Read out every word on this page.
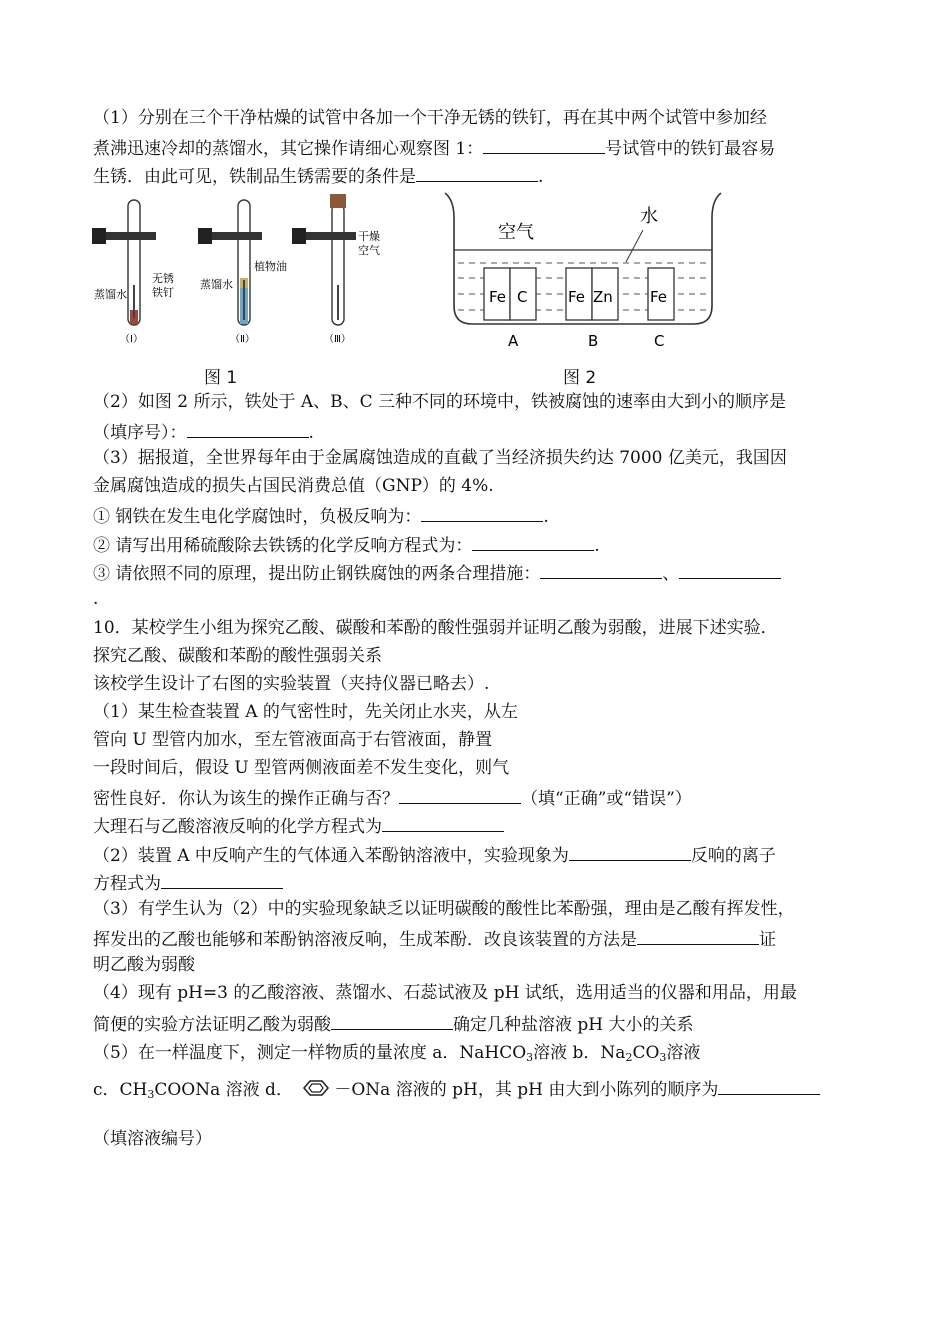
（1）分别在三个干净枯燥的试管中各加一个干净无锈的铁钉，再在其中两个试管中参加经
煮沸迅速冷却的蒸馏水，其它操作请细心观察图 1：	号试管中的铁钉最容易
生锈．由此可见，铁制品生锈需要的条件是	.
蒸馏水
无锈
铁钉
（Ⅰ）
蒸馏水
植物油
（Ⅱ）
干燥
空气
（Ⅲ）
图 1
空气
水
Fe C	Fe Zn Fe
A	B	C
图 2
（2）如图 2 所示，铁处于 A、B、C 三种不同的环境中，铁被腐蚀的速率由大到小的顺序是
（填序号）：	.
（3）据报道，全世界每年由于金属腐蚀造成的直截了当经济损失约达 7000 亿美元，我国因
金属腐蚀造成的损失占国民消费总值（GNP）的 4%.
① 钢铁在发生电化学腐蚀时，负极反响为：	.
② 请写出用稀硫酸除去铁锈的化学反响方程式为：	.
③ 请依照不同的原理，提出防止钢铁腐蚀的两条合理措施：	、
.
10．某校学生小组为探究乙酸、碳酸和苯酚的酸性强弱并证明乙酸为弱酸，进展下述实验．
探究乙酸、碳酸和苯酚的酸性强弱关系
该校学生设计了右图的实验装置（夹持仪器已略去）.
（1）某生检查装置 A 的气密性时，先关闭止水夹，从左
管向 U 型管内加水，至左管液面高于右管液面，静置
一段时间后，假设 U 型管两侧液面差不发生变化，则气
密性良好．你认为该生的操作正确与否？	（填“正确”或“错误”）
大理石与乙酸溶液反响的化学方程式为
（2）装置 A 中反响产生的气体通入苯酚钠溶液中，实验现象为	反响的离子
方程式为
（3）有学生认为（2）中的实验现象缺乏以证明碳酸的酸性比苯酚强，理由是乙酸有挥发性，
挥发出的乙酸也能够和苯酚钠溶液反响，生成苯酚．改良该装置的方法是	证
明乙酸为弱酸
（4）现有 pH=3 的乙酸溶液、蒸馏水、石蕊试液及 pH 试纸，选用适当的仪器和用品，用最
简便的实验方法证明乙酸为弱酸	确定几种盐溶液 pH 大小的关系
（5）在一样温度下，测定一样物质的量浓度 a．NaHCO$_3$溶液 b．$Na_2CO_3$溶液
c．$CH_3COONa$ 溶液 d． －ONa 溶液的 pH，其 pH 由大到小陈列的顺序为
（填溶液编号）
